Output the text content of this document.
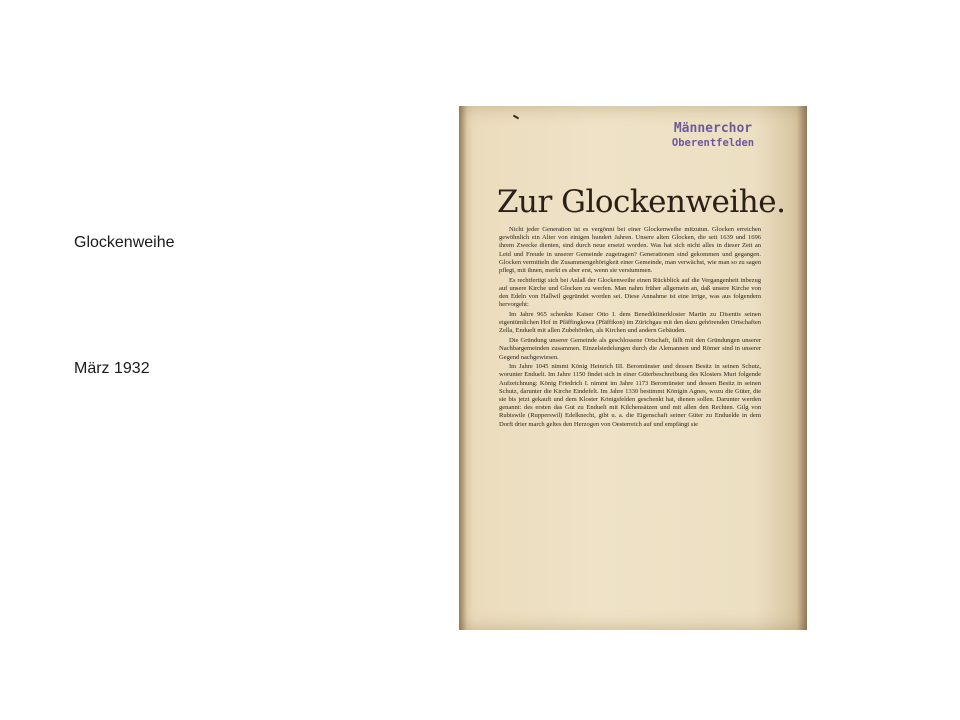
Glockenweihe
März 1932
Männerchor
Oberentfelden
Zur Glockenweihe.

Nicht jeder Generation ist es vergönnt bei einer Glockenweihe mitzutun. Glocken erreichen gewöhnlich ein Alter von einigen hundert Jahren. Unsere alten Glocken, die seit 1639 und 1696 ihrem Zwecke dienten, sind durch neue ersetzt worden. Was hat sich nicht alles in dieser Zeit an Leid und Freude in unserer Gemeinde zugetragen? Generationen sind gekommen und gegangen. Glocken vermitteln die Zusammengehörigkeit einer Gemeinde, man verwächst, wie man so zu sagen pflegt, mit ihnen, merkt es aber erst, wenn sie verstummen.

Es rechtfertigt sich bei Anlaß der Glockenweihe einen Rückblick auf die Vergangenheit inbezug auf unsere Kirche und Glocken zu werfen. Man nahm früher allgemein an, daß unsere Kirche von den Edeln von Hallwil gegründet worden sei. Diese Annahme ist eine irrige, was aus folgendem hervorgeht:

Im Jahre 965 schenkte Kaiser Otto I. dem Benediktinerkloster Martin zu Disentis seinen eigentümlichen Hof in Pfäffingkowa (Pfäffikon) im Zürichgau mit den dazu gehörenden Ortschaften Zella, Enduelt mit allen Zubehörden, als Kirchen und andern Gebäuden.

Die Gründung unserer Gemeinde als geschlossene Ortschaft, fällt mit den Gründungen unserer Nachbargemeinden zusammen. Einzelsiedelungen durch die Alemannen und Römer sind in unserer Gegend nachgewiesen.

Im Jahre 1045 nimmt König Heinrich III. Beromünster und dessen Besitz in seinen Schutz, worunter Enduelt. Im Jahre 1150 findet sich in einer Güterbeschreibung des Klosters Muri folgende Aufzeichnung: König Friedrich I. nimmt im Jahre 1173 Beromünster und dessen Besitz in seinen Schutz, darunter die Kirche Eindefelt. Im Jahre 1330 bestimmt Königin Agnes, wozu die Güter, die sie bis jetzt gekauft und dem Kloster Königsfelden geschenkt hat, dienen sollen. Darunter werden genannt: des ersten das Gut zu Enduelt mit Kilchensätzen und mit allen den Rechten. Gilg von Rubiswile (Rupperswil) Edelknecht, gibt u. a. die Eigenschaft seiner Güter zu Enduelde in dem Dorft drier march geltes den Herzogen von Oesterreich auf und empfängt sie
